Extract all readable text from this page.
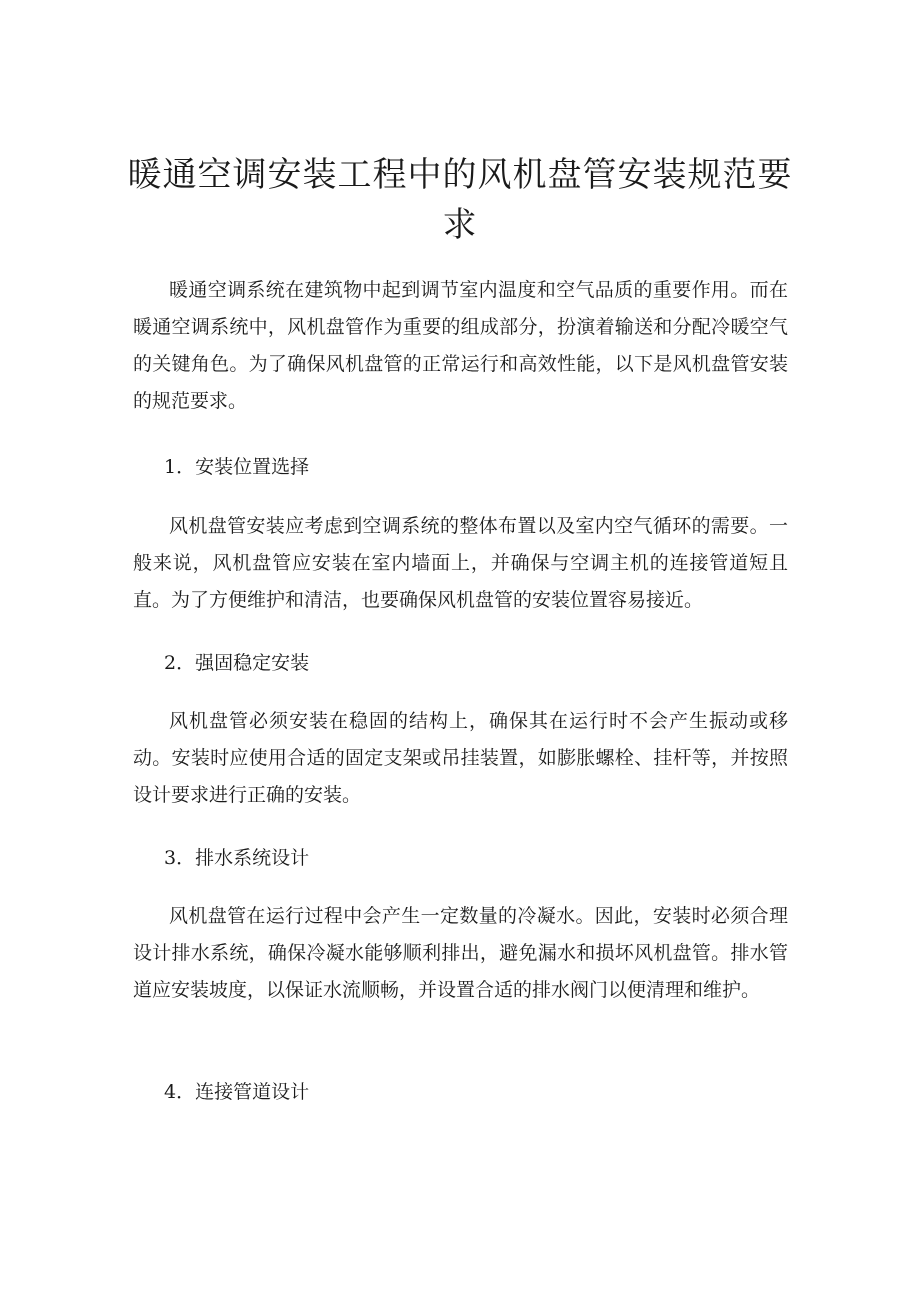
暖通空调安装工程中的风机盘管安装规范要求

暖通空调系统在建筑物中起到调节室内温度和空气品质的重要作用。而在暖通空调系统中，风机盘管作为重要的组成部分，扮演着输送和分配冷暖空气的关键角色。为了确保风机盘管的正常运行和高效性能，以下是风机盘管安装的规范要求。

1．安装位置选择

风机盘管安装应考虑到空调系统的整体布置以及室内空气循环的需要。一般来说，风机盘管应安装在室内墙面上，并确保与空调主机的连接管道短且直。为了方便维护和清洁，也要确保风机盘管的安装位置容易接近。

2．强固稳定安装

风机盘管必须安装在稳固的结构上，确保其在运行时不会产生振动或移动。安装时应使用合适的固定支架或吊挂装置，如膨胀螺栓、挂杆等，并按照设计要求进行正确的安装。

3．排水系统设计

风机盘管在运行过程中会产生一定数量的冷凝水。因此，安装时必须合理设计排水系统，确保冷凝水能够顺利排出，避免漏水和损坏风机盘管。排水管道应安装坡度，以保证水流顺畅，并设置合适的排水阀门以便清理和维护。

4．连接管道设计
